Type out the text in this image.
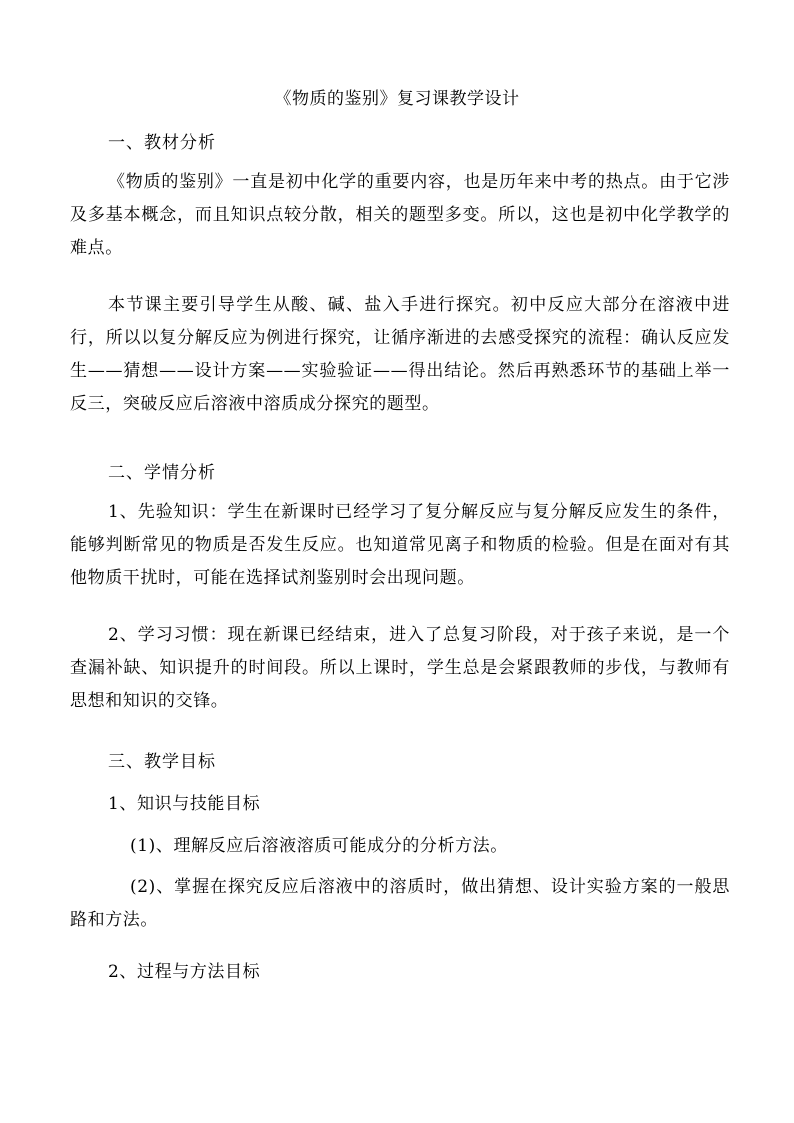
《物质的鉴别》复习课教学设计
一、教材分析

《物质的鉴别》一直是初中化学的重要内容，也是历年来中考的热点。由于它涉及多基本概念，而且知识点较分散，相关的题型多变。所以，这也是初中化学教学的难点。

本节课主要引导学生从酸、碱、盐入手进行探究。初中反应大部分在溶液中进行，所以以复分解反应为例进行探究，让循序渐进的去感受探究的流程：确认反应发生——猜想——设计方案——实验验证——得出结论。然后再熟悉环节的基础上举一反三，突破反应后溶液中溶质成分探究的题型。

二、学情分析

1、先验知识：学生在新课时已经学习了复分解反应与复分解反应发生的条件，能够判断常见的物质是否发生反应。也知道常见离子和物质的检验。但是在面对有其他物质干扰时，可能在选择试剂鉴别时会出现问题。

2、学习习惯：现在新课已经结束，进入了总复习阶段，对于孩子来说，是一个查漏补缺、知识提升的时间段。所以上课时，学生总是会紧跟教师的步伐，与教师有思想和知识的交锋。

三、教学目标
1、知识与技能目标
(1)、理解反应后溶液溶质可能成分的分析方法。

(2)、掌握在探究反应后溶液中的溶质时，做出猜想、设计实验方案的一般思路和方法。

2、过程与方法目标
